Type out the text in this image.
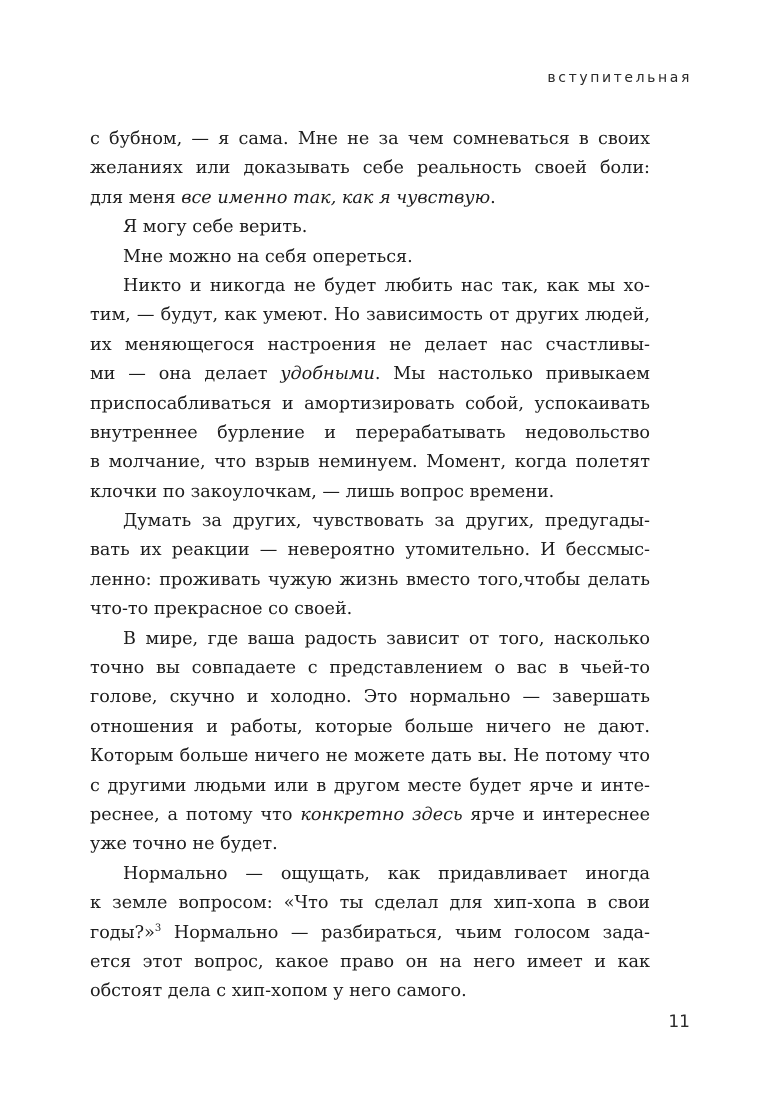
вступительная
с бубном, — я сама. Мне не за чем сомневаться в своих
желаниях или доказывать себе реальность своей боли:
для меня все именно так, как я чувствую.
Я могу себе верить.
Мне можно на себя опереться.
Никто и никогда не будет любить нас так, как мы хо-
тим, — будут, как умеют. Но зависимость от других людей,
их меняющегося настроения не делает нас счастливы-
ми — она делает удобными. Мы настолько привыкаем
приспосабливаться и амортизировать собой, успокаивать
внутреннее бурление и перерабатывать недовольство
в молчание, что взрыв неминуем. Момент, когда полетят
клочки по закоулочкам, — лишь вопрос времени.
Думать за других, чувствовать за других, предугады-
вать их реакции — невероятно утомительно. И бессмыс-
ленно: проживать чужую жизнь вместо того,чтобы делать
что-то прекрасное со своей.
В мире, где ваша радость зависит от того, насколько
точно вы совпадаете с представлением о вас в чьей-то
голове, скучно и холодно. Это нормально — завершать
отношения и работы, которые больше ничего не дают.
Которым больше ничего не можете дать вы. Не потому что
с другими людьми или в другом месте будет ярче и инте-
реснее, а потому что конкретно здесь ярче и интереснее
уже точно не будет.
Нормально — ощущать, как придавливает иногда
к земле вопросом: «Что ты сделал для хип-хопа в свои
годы?»$^3$ Нормально — разбираться, чьим голосом зада-
ется этот вопрос, какое право он на него имеет и как
обстоят дела с хип-хопом у него самого.
11
